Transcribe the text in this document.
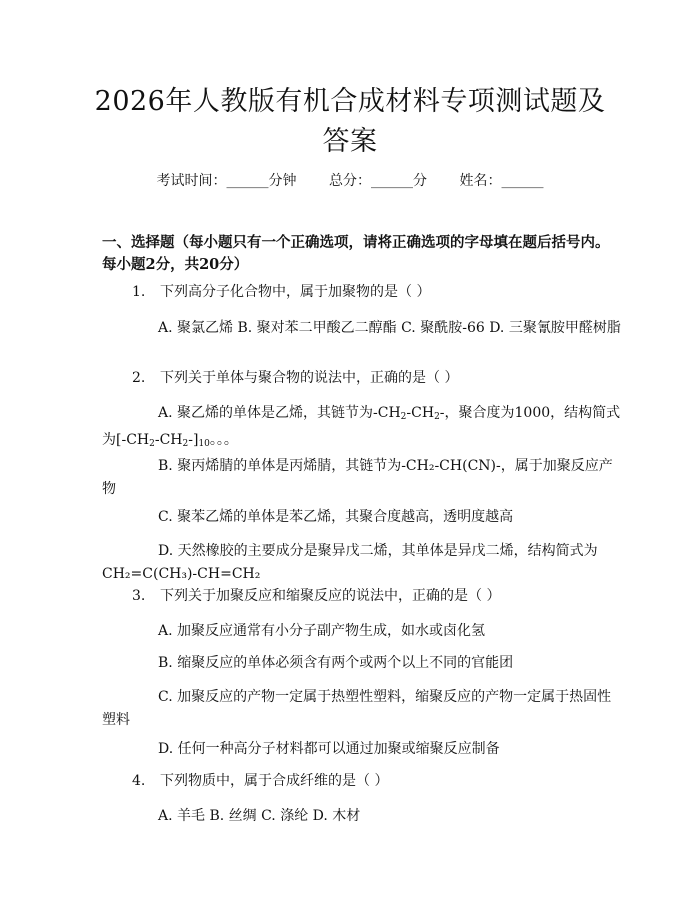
2026年人教版有机合成材料专项测试题及答案
考试时间：______分钟 总分：______分 姓名：______
一、选择题（每小题只有一个正确选项，请将正确选项的字母填在题后括号内。每小题2分，共20分）
1. 下列高分子化合物中，属于加聚物的是（ ）
A. 聚氯乙烯 B. 聚对苯二甲酸乙二醇酯 C. 聚酰胺-66 D. 三聚氰胺甲醛树脂
2. 下列关于单体与聚合物的说法中，正确的是（ ）
A. 聚乙烯的单体是乙烯，其链节为$-CH_2-CH_2-$，聚合度为1000，结构简式为$[-CH_2-CH_2-]_{10}$。。。
B. 聚丙烯腈的单体是丙烯腈，其链节为-CH₂-CH(CN)-，属于加聚反应产物
C. 聚苯乙烯的单体是苯乙烯，其聚合度越高，透明度越高
D. 天然橡胶的主要成分是聚异戊二烯，其单体是异戊二烯，结构简式为CH₂=C(CH₃)-CH=CH₂
3. 下列关于加聚反应和缩聚反应的说法中，正确的是（ ）
A. 加聚反应通常有小分子副产物生成，如水或卤化氢
B. 缩聚反应的单体必须含有两个或两个以上不同的官能团
C. 加聚反应的产物一定属于热塑性塑料，缩聚反应的产物一定属于热固性塑料
D. 任何一种高分子材料都可以通过加聚或缩聚反应制备
4. 下列物质中，属于合成纤维的是（ ）
A. 羊毛 B. 丝绸 C. 涤纶 D. 木材
